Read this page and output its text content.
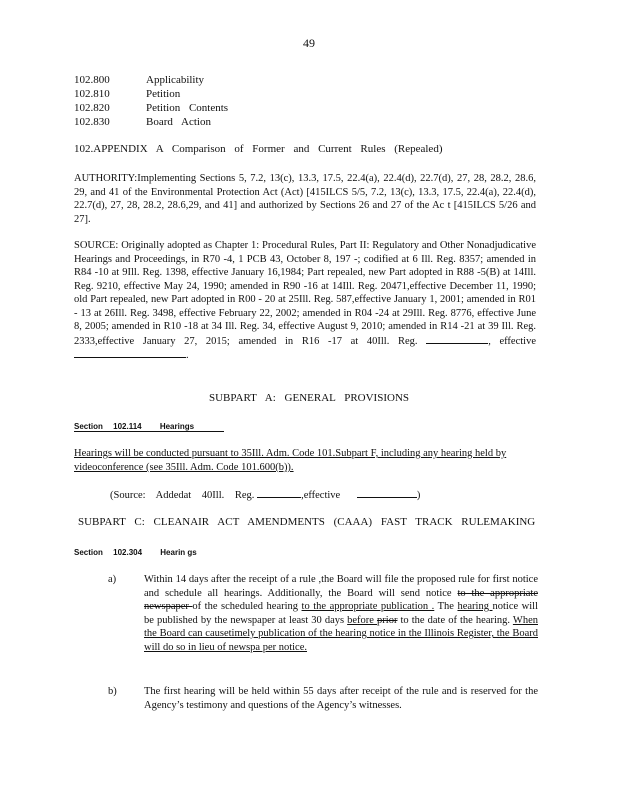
49
102.800	Applicability
102.810	Petition
102.820	Petition Contents
102.830	Board Action
102.APPENDIX A Comparison of Former and Current Rules (Repealed)
AUTHORITY:Implementing Sections 5, 7.2, 13(c), 13.3, 17.5, 22.4(a), 22.4(d), 22.7(d), 27, 28, 28.2, 28.6, 29, and 41 of the Environmental Protection Act (Act) [415ILCS 5/5, 7.2, 13(c), 13.3, 17.5, 22.4(a), 22.4(d), 22.7(d), 27, 28, 28.2, 28.6,29, and 41] and authorized by Sections 26 and 27 of the Ac t [415ILCS 5/26 and 27].
SOURCE: Originally adopted as Chapter 1: Procedural Rules, Part II: Regulatory and Other Nonadjudicative Hearings and Proceedings, in R70 -4, 1 PCB 43, October 8, 197 -; codified at 6 Ill. Reg. 8357; amended in R84 -10 at 9Ill. Reg. 1398, effective January 16,1984; Part repealed, new Part adopted in R88 -5(B) at 14Ill. Reg. 9210, effective May 24, 1990; amended in R90 -16 at 14Ill. Reg. 20471,effective December 11, 1990; old Part repealed, new Part adopted in R00 - 20 at 25Ill. Reg. 587,effective January 1, 2001; amended in R01 - 13 at 26Ill. Reg. 3498, effective February 22, 2002; amended in R04 -24 at 29Ill. Reg. 8776, effective June 8, 2005; amended in R10 -18 at 34 Ill. Reg. 34, effective August 9, 2010; amended in R14 -21 at 39 Ill. Reg. 2333,effective January 27, 2015; amended in R16 -17 at 40Ill. Reg.	, effective .
SUBPART A: GENERAL PROVISIONS
Section 102.114 Hearings
Hearings will be conducted pursuant to 35Ill. Adm. Code 101.Subpart F, including any hearing held by videoconference (see 35Ill. Adm. Code 101.600(b)).
(Source: Addedat 40Ill. Reg.	,effective	)
SUBPART C: CLEANAIR ACT AMENDMENTS (CAAA) FAST TRACK RULEMAKING
Section 102.304 Hearin gs
a)	Within 14 days after the receipt of a rule ,the Board will file the proposed rule for first notice and schedule all hearings. Additionally, the Board will send notice to the appropriate newspaper of the scheduled hearing to the appropriate publication . The hearing notice will be published by the newspaper at least 30 days before prior to the date of the hearing. When the Board can causetimely publication of the hearing notice in the Illinois Register, the Board will do so in lieu of newspa per notice.
b)	The first hearing will be held within 55 days after receipt of the rule and is reserved for the Agency’s testimony and questions of the Agency’s witnesses.
